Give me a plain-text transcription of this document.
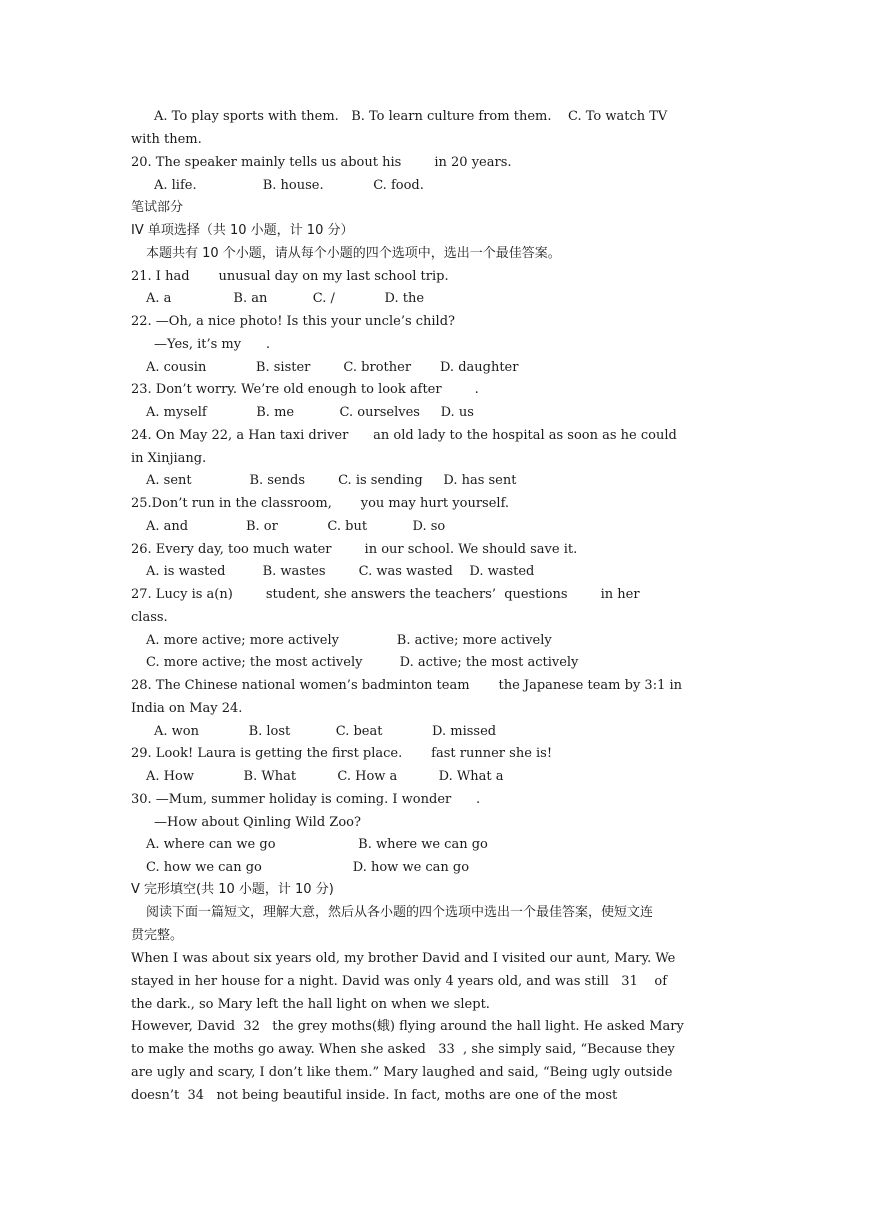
A. To play sports with them.   B. To learn culture from them.    C. To watch TV
with them.
20. The speaker mainly tells us about his        in 20 years.
A. life.                B. house.            C. food.
笔试部分
IV 单项选择（共 10 小题，计 10 分）
本题共有 10 个小题，请从每个小题的四个选项中，选出一个最佳答案。
21. I had       unusual day on my last school trip.
A. a               B. an           C. /            D. the
22. —Oh, a nice photo! Is this your uncle’s child?
—Yes, it’s my      .
A. cousin            B. sister        C. brother       D. daughter
23. Don’t worry. We’re old enough to look after        .
A. myself            B. me           C. ourselves     D. us
24. On May 22, a Han taxi driver      an old lady to the hospital as soon as he could
in Xinjiang.
A. sent              B. sends        C. is sending     D. has sent
25.Don’t run in the classroom,       you may hurt yourself.
A. and              B. or            C. but           D. so
26. Every day, too much water        in our school. We should save it.
A. is wasted         B. wastes        C. was wasted    D. wasted
27. Lucy is a(n)        student, she answers the teachers’  questions        in her
class.
A. more active; more actively              B. active; more actively
C. more active; the most actively         D. active; the most actively
28. The Chinese national women’s badminton team       the Japanese team by 3:1 in
India on May 24.
A. won            B. lost           C. beat            D. missed
29. Look! Laura is getting the first place.       fast runner she is!
A. How            B. What          C. How a          D. What a
30. —Mum, summer holiday is coming. I wonder      .
—How about Qinling Wild Zoo?
A. where can we go                    B. where we can go
C. how we can go                      D. how we can go
V 完形填空(共 10 小题，计 10 分)
阅读下面一篇短文，理解大意，然后从各小题的四个选项中选出一个最佳答案，使短文连
贯完整。
When I was about six years old, my brother David and I visited our aunt, Mary. We
stayed in her house for a night. David was only 4 years old, and was still   31    of
the dark., so Mary left the hall light on when we slept.
However, David  32   the grey moths(蛾) flying around the hall light. He asked Mary
to make the moths go away. When she asked   33  , she simply said, “Because they
are ugly and scary, I don’t like them.” Mary laughed and said, “Being ugly outside
doesn’t  34   not being beautiful inside. In fact, moths are one of the most
